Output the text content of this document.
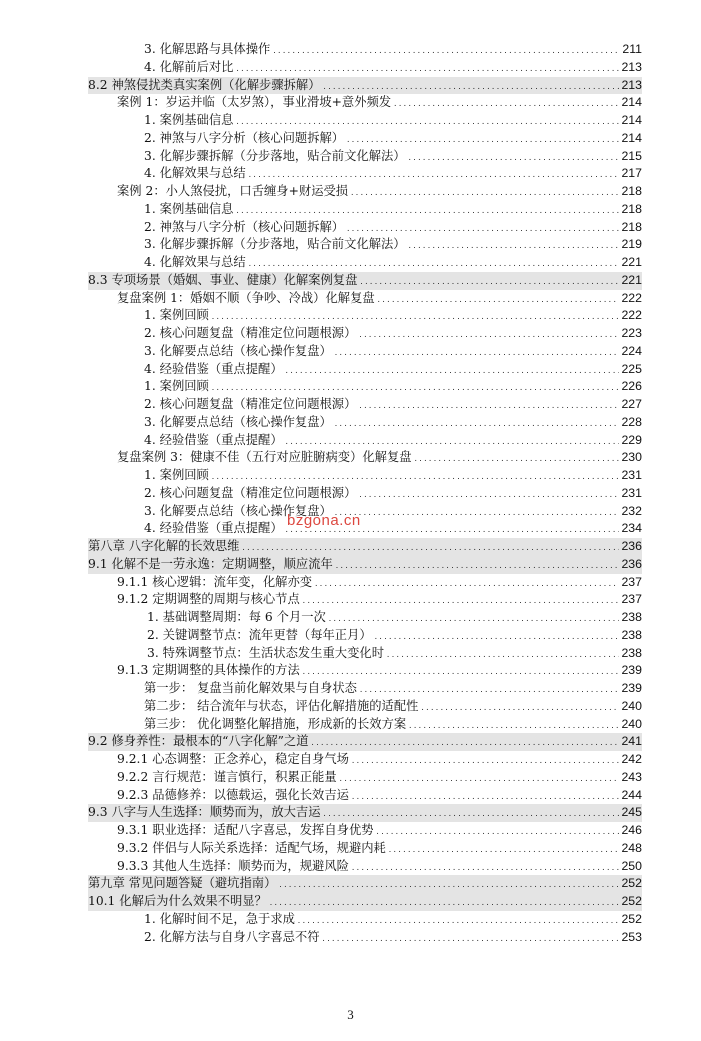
3. 化解思路与具体操作 .....	211
4. 化解前后对比 .....	213
8.2 神煞侵扰类真实案例（化解步骤拆解） .....	213
案例 1：岁运并临（太岁煞），事业滑坡+意外频发 .....	214
1. 案例基础信息 .....	214
2. 神煞与八字分析（核心问题拆解） .....	214
3. 化解步骤拆解（分步落地，贴合前文化解法） .....	215
4. 化解效果与总结 .....	217
案例 2：小人煞侵扰，口舌缠身+财运受损 .....	218
1. 案例基础信息 .....	218
2. 神煞与八字分析（核心问题拆解） .....	218
3. 化解步骤拆解（分步落地，贴合前文化解法） .....	219
4. 化解效果与总结 .....	221
8.3 专项场景（婚姻、事业、健康）化解案例复盘 .....	221
复盘案例 1：婚姻不顺（争吵、冷战）化解复盘 .....	222
1. 案例回顾 .....	222
2. 核心问题复盘（精准定位问题根源） .....	223
3. 化解要点总结（核心操作复盘） .....	224
4. 经验借鉴（重点提醒） .....	225
1. 案例回顾 .....	226
2. 核心问题复盘（精准定位问题根源） .....	227
3. 化解要点总结（核心操作复盘） .....	228
4. 经验借鉴（重点提醒） .....	229
复盘案例 3：健康不佳（五行对应脏腑病变）化解复盘 .....	230
1. 案例回顾 .....	231
2. 核心问题复盘（精准定位问题根源） .....	231
3. 化解要点总结（核心操作复盘） .....	232
4. 经验借鉴（重点提醒） .....	234
第八章 八字化解的长效思维 .....	236
9.1 化解不是一劳永逸：定期调整，顺应流年 .....	236
9.1.1 核心逻辑：流年变，化解亦变 .....	237
9.1.2 定期调整的周期与核心节点 .....	237
1. 基础调整周期：每 6 个月一次 .....	238
2. 关键调整节点：流年更替（每年正月） .....	238
3. 特殊调整节点：生活状态发生重大变化时 .....	238
9.1.3 定期调整的具体操作的方法 .....	239
第一步： 复盘当前化解效果与自身状态 .....	239
第二步： 结合流年与状态，评估化解措施的适配性 .....	240
第三步： 优化调整化解措施，形成新的长效方案 .....	240
9.2 修身养性：最根本的“八字化解”之道 .....	241
9.2.1 心态调整：正念养心，稳定自身气场 .....	242
9.2.2 言行规范：谨言慎行，积累正能量 .....	243
9.2.3 品德修养：以德载运，强化长效吉运 .....	244
9.3 八字与人生选择：顺势而为，放大吉运 .....	245
9.3.1 职业选择：适配八字喜忌，发挥自身优势 .....	246
9.3.2 伴侣与人际关系选择：适配气场，规避内耗 .....	248
9.3.3 其他人生选择：顺势而为，规避风险 .....	250
第九章 常见问题答疑（避坑指南） .....	252
10.1 化解后为什么效果不明显？ .....	252
1. 化解时间不足，急于求成 .....	252
2. 化解方法与自身八字喜忌不符 .....	253
bzgona.cn
3
